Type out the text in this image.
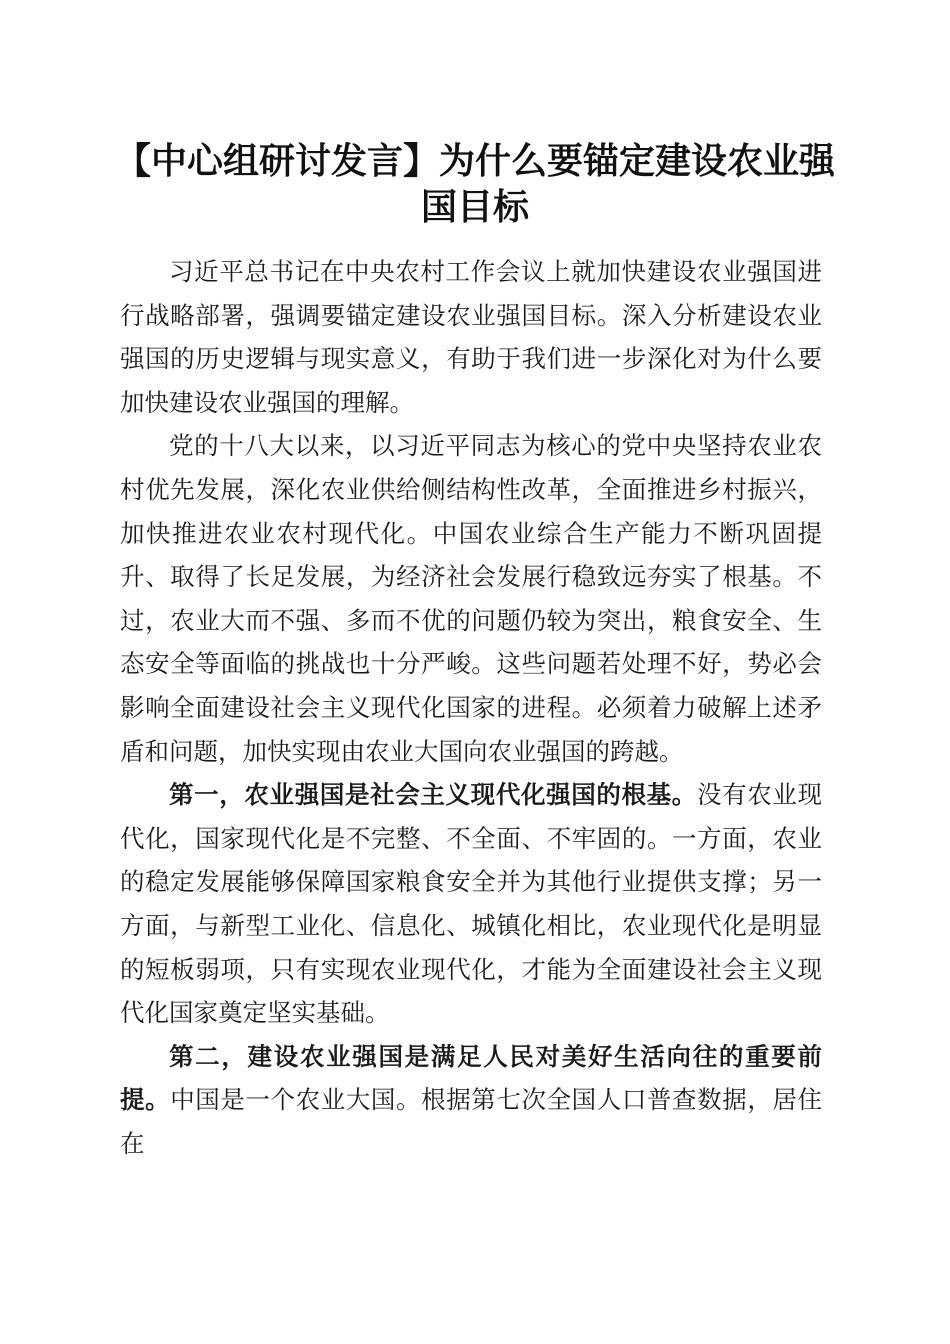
【中心组研讨发言】为什么要锚定建设农业强国目标

习近平总书记在中央农村工作会议上就加快建设农业强国进行战略部署，强调要锚定建设农业强国目标。深入分析建设农业强国的历史逻辑与现实意义，有助于我们进一步深化对为什么要加快建设农业强国的理解。

党的十八大以来，以习近平同志为核心的党中央坚持农业农村优先发展，深化农业供给侧结构性改革，全面推进乡村振兴，加快推进农业农村现代化。中国农业综合生产能力不断巩固提升、取得了长足发展，为经济社会发展行稳致远夯实了根基。不过，农业大而不强、多而不优的问题仍较为突出，粮食安全、生态安全等面临的挑战也十分严峻。这些问题若处理不好，势必会影响全面建设社会主义现代化国家的进程。必须着力破解上述矛盾和问题，加快实现由农业大国向农业强国的跨越。

第一，农业强国是社会主义现代化强国的根基。没有农业现代化，国家现代化是不完整、不全面、不牢固的。一方面，农业的稳定发展能够保障国家粮食安全并为其他行业提供支撑；另一方面，与新型工业化、信息化、城镇化相比，农业现代化是明显的短板弱项，只有实现农业现代化，才能为全面建设社会主义现代化国家奠定坚实基础。

第二，建设农业强国是满足人民对美好生活向往的重要前提。中国是一个农业大国。根据第七次全国人口普查数据，居住在
